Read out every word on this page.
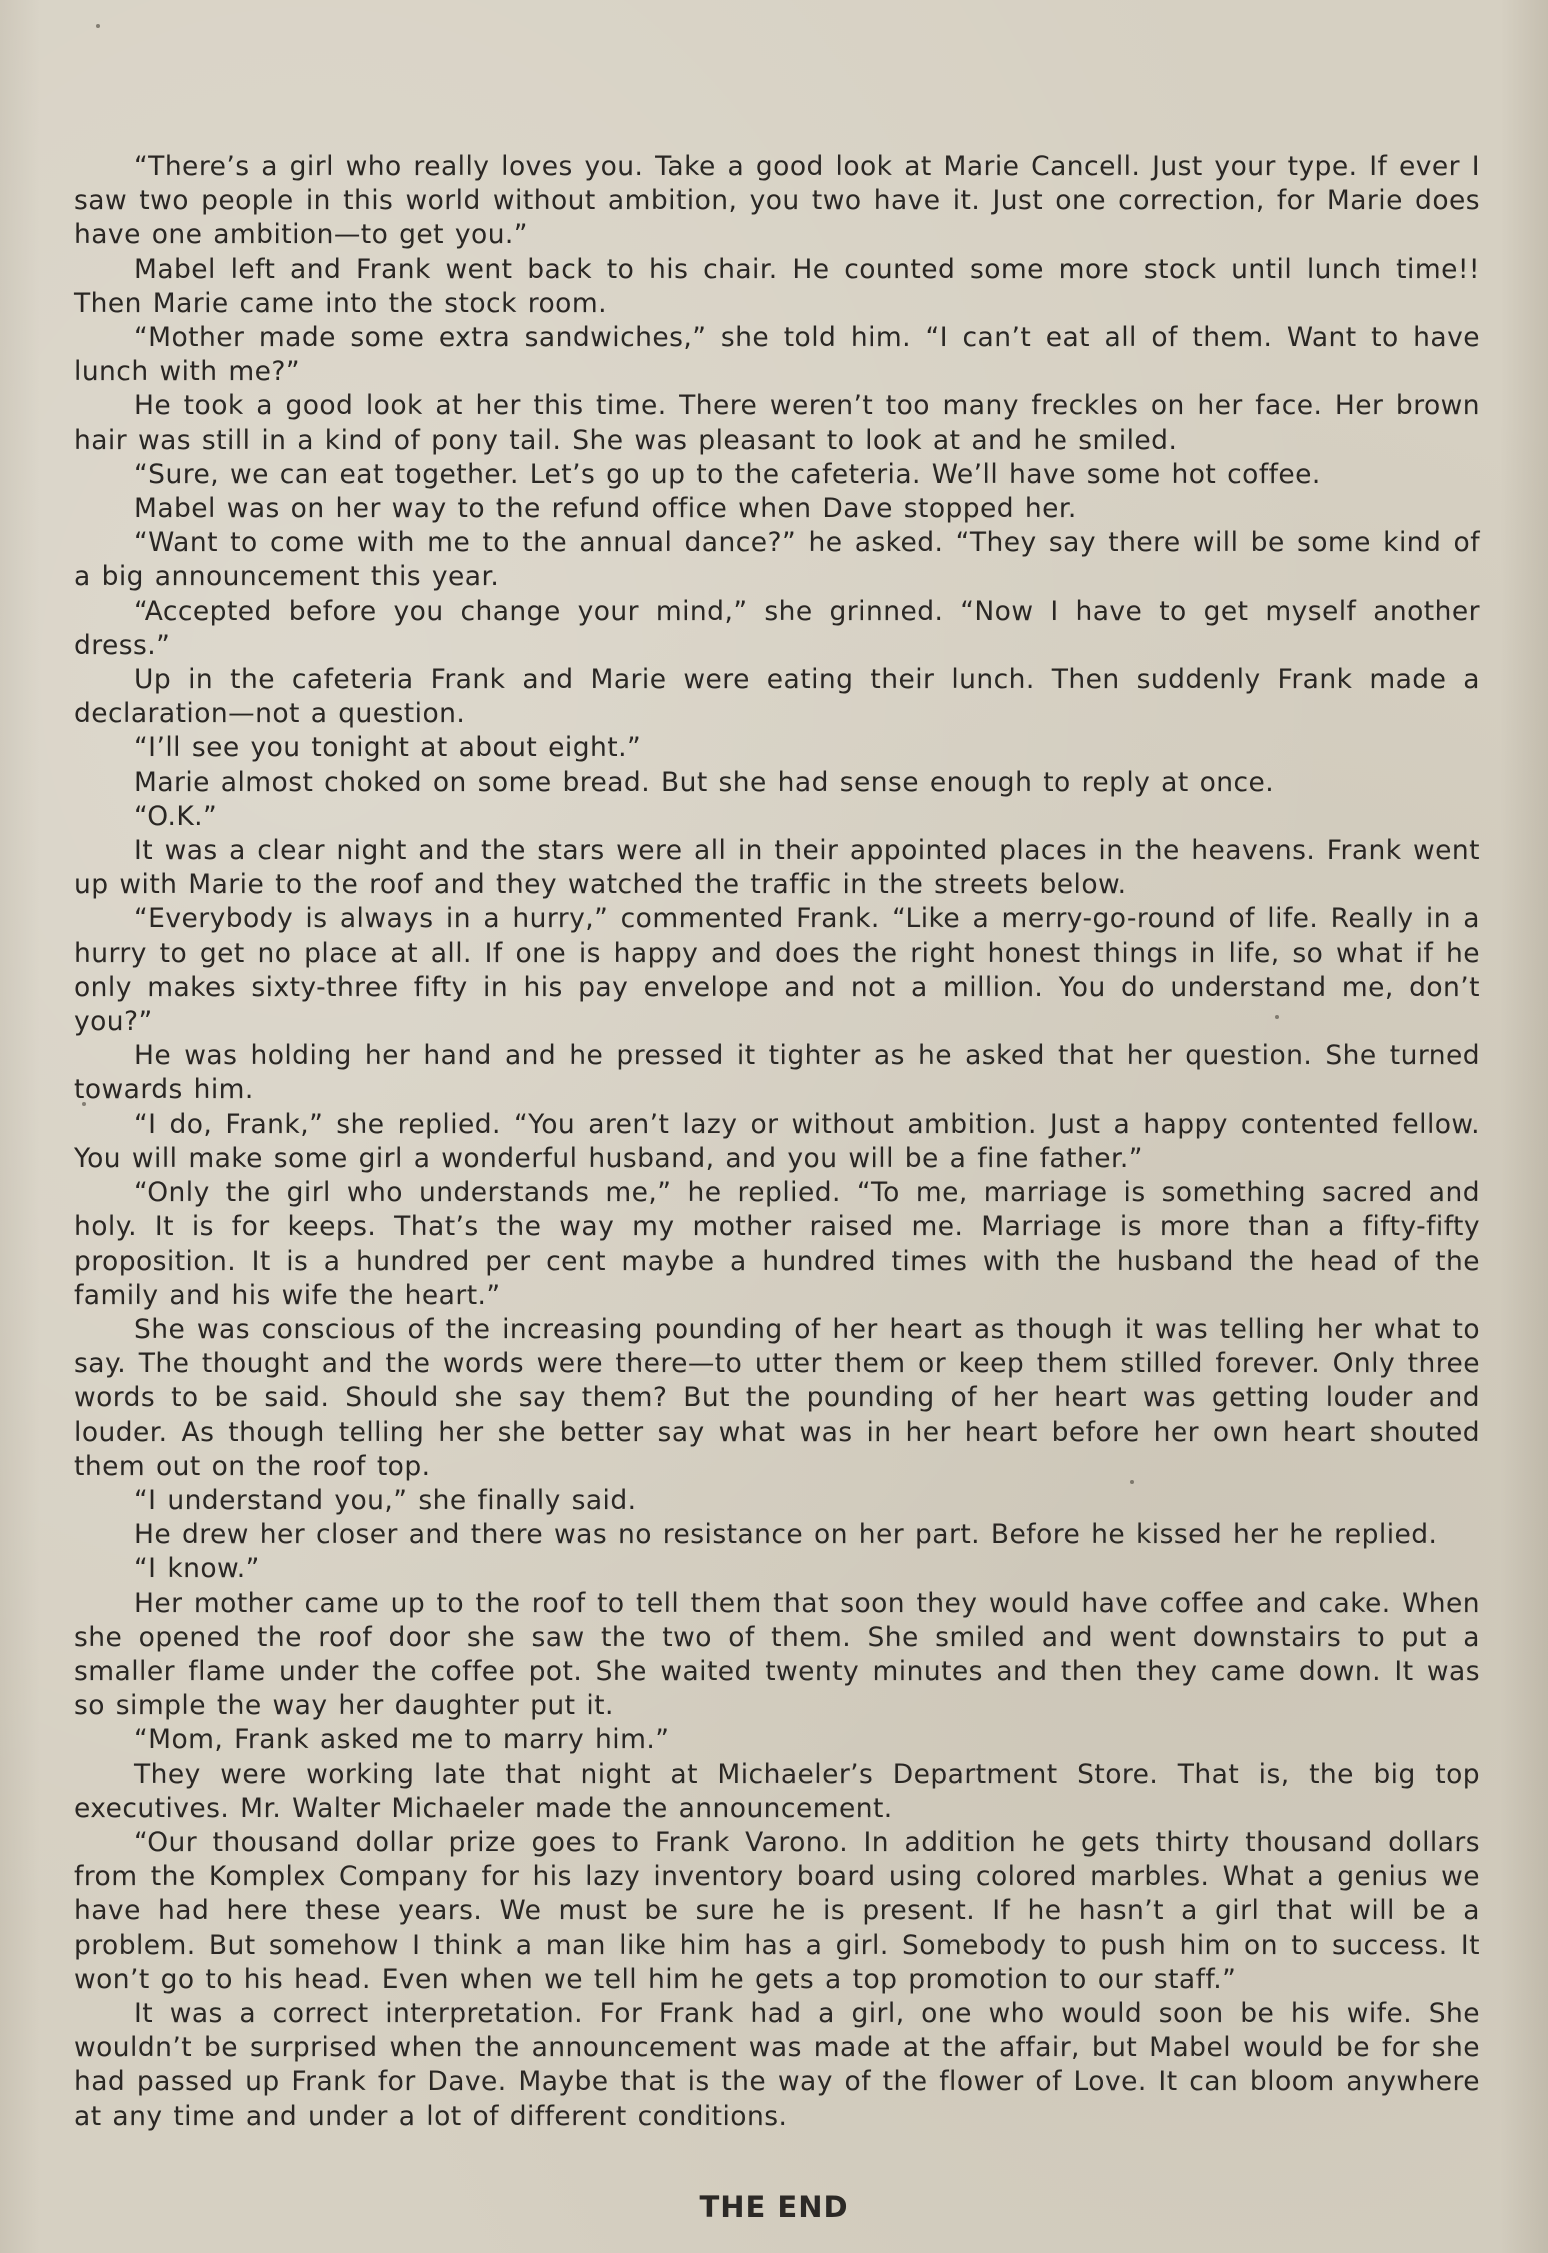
“There’s a girl who really loves you. Take a good look at Marie Cancell. Just your type. If ever I saw two people in this world without ambition, you two have it. Just one correction, for Marie does have one ambition—to get you.”

Mabel left and Frank went back to his chair. He counted some more stock until lunch time!! Then Marie came into the stock room.

“Mother made some extra sandwiches,” she told him. “I can’t eat all of them. Want to have lunch with me?”

He took a good look at her this time. There weren’t too many freckles on her face. Her brown hair was still in a kind of pony tail. She was pleasant to look at and he smiled.

“Sure, we can eat together. Let’s go up to the cafeteria. We’ll have some hot coffee.

Mabel was on her way to the refund office when Dave stopped her.

“Want to come with me to the annual dance?” he asked. “They say there will be some kind of a big announcement this year.

“Accepted before you change your mind,” she grinned. “Now I have to get myself another dress.”

Up in the cafeteria Frank and Marie were eating their lunch. Then suddenly Frank made a declaration—not a question.

“I’ll see you tonight at about eight.”

Marie almost choked on some bread. But she had sense enough to reply at once.

“O.K.”

It was a clear night and the stars were all in their appointed places in the heavens. Frank went up with Marie to the roof and they watched the traffic in the streets below.

“Everybody is always in a hurry,” commented Frank. “Like a merry-go-round of life. Really in a hurry to get no place at all. If one is happy and does the right honest things in life, so what if he only makes sixty-three fifty in his pay envelope and not a million. You do understand me, don’t you?”

He was holding her hand and he pressed it tighter as he asked that her question. She turned towards him.

“I do, Frank,” she replied. “You aren’t lazy or without ambition. Just a happy contented fellow. You will make some girl a wonderful husband, and you will be a fine father.”

“Only the girl who understands me,” he replied. “To me, marriage is something sacred and holy. It is for keeps. That’s the way my mother raised me. Marriage is more than a fifty-fifty proposition. It is a hundred per cent maybe a hundred times with the husband the head of the family and his wife the heart.”

She was conscious of the increasing pounding of her heart as though it was telling her what to say. The thought and the words were there—to utter them or keep them stilled forever. Only three words to be said. Should she say them? But the pounding of her heart was getting louder and louder. As though telling her she better say what was in her heart before her own heart shouted them out on the roof top.

“I understand you,” she finally said.

He drew her closer and there was no resistance on her part. Before he kissed her he replied.

“I know.”

Her mother came up to the roof to tell them that soon they would have coffee and cake. When she opened the roof door she saw the two of them. She smiled and went downstairs to put a smaller flame under the coffee pot. She waited twenty minutes and then they came down. It was so simple the way her daughter put it.

“Mom, Frank asked me to marry him.”

They were working late that night at Michaeler’s Department Store. That is, the big top executives. Mr. Walter Michaeler made the announcement.

“Our thousand dollar prize goes to Frank Varono. In addition he gets thirty thousand dollars from the Komplex Company for his lazy inventory board using colored marbles. What a genius we have had here these years. We must be sure he is present. If he hasn’t a girl that will be a problem. But somehow I think a man like him has a girl. Somebody to push him on to success. It won’t go to his head. Even when we tell him he gets a top promotion to our staff.”

It was a correct interpretation. For Frank had a girl, one who would soon be his wife. She wouldn’t be surprised when the announcement was made at the affair, but Mabel would be for she had passed up Frank for Dave. Maybe that is the way of the flower of Love. It can bloom anywhere at any time and under a lot of different conditions.

THE END
